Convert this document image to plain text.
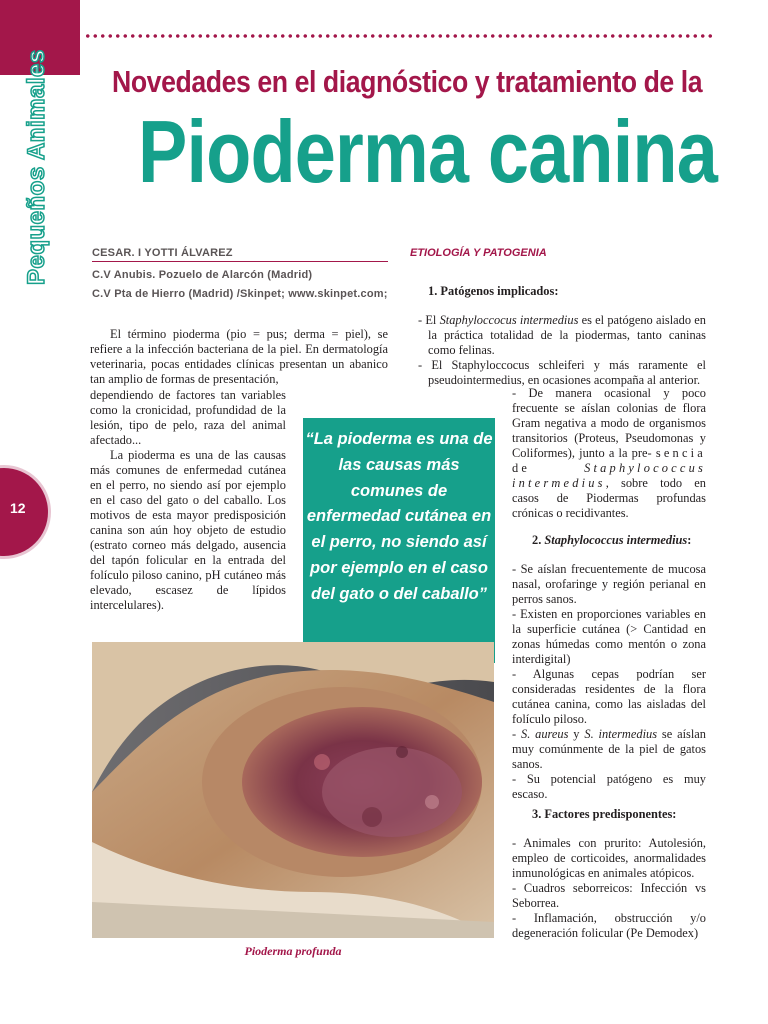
Pequeños Animales Novedades en el diagnóstico y tratamiento de la
Pioderma canina
CESAR. I YOTTI ÁLVAREZ
C.V Anubis. Pozuelo de Alarcón (Madrid)
C.V Pta de Hierro (Madrid) /Skinpet; www.skinpet.com;

El término pioderma (pio = pus; derma = piel), se refiere a la infección bacteriana de la piel. En dermatología veterinaria, pocas entidades clínicas presentan un abanico tan amplio de formas de presentación,

dependiendo de factores tan variables como la cronicidad, profundidad de la lesión, tipo de pelo, raza del animal afectado...

La pioderma es una de las causas más comunes de enfermedad cutánea en el perro, no siendo así por ejemplo en el caso del gato o del caballo. Los motivos de esta mayor predisposición canina son aún hoy objeto de estudio (estrato corneo más delgado, ausencia del tapón folicular en la entrada del folículo piloso canino, pH cutáneo más elevado, escasez de lípidos intercelulares).

“La pioderma es una de las causas más comunes de enfermedad cutánea en el perro, no siendo así por ejemplo en el caso del gato o del caballo”
Pioderma profunda
12
ETIOLOGÍA Y PATOGENIA
1. Patógenos implicados:

- El Staphyloccocus intermedius es el patógeno aislado en la práctica totalidad de la piodermas, tanto caninas como felinas.

- El Staphyloccocus schleiferi y más raramente el pseudointermedius, en ocasiones acompaña al anterior.

- De manera ocasional y poco frecuente se aíslan colonias de flora Gram negativa a modo de organismos transitorios (Proteus, Pseudomonas y Coliformes), junto a la pre- sencia de	Staphylococcus intermedius, sobre todo en casos de Piodermas profundas crónicas o recidivantes.

2. Staphylococcus intermedius:

- Se aíslan frecuentemente de mucosa nasal, orofaringe y región perianal en perros sanos.

- Existen en proporciones variables en la superficie cutánea (> Cantidad en zonas húmedas como mentón o zona interdigital)

- Algunas cepas podrían ser consideradas residentes de la flora cutánea canina, como las aisladas del folículo piloso.

- S. aureus y S. intermedius se aíslan muy comúnmente de la piel de gatos sanos.

- Su potencial patógeno es muy escaso.

3. Factores predisponentes:

- Animales con prurito: Autolesión, empleo de corticoides, anormalidades inmunológicas en animales atópicos.

- Cuadros seborreicos: Infección vs Seborrea.

- Inflamación, obstrucción y/o degeneración folicular (Pe Demodex)
